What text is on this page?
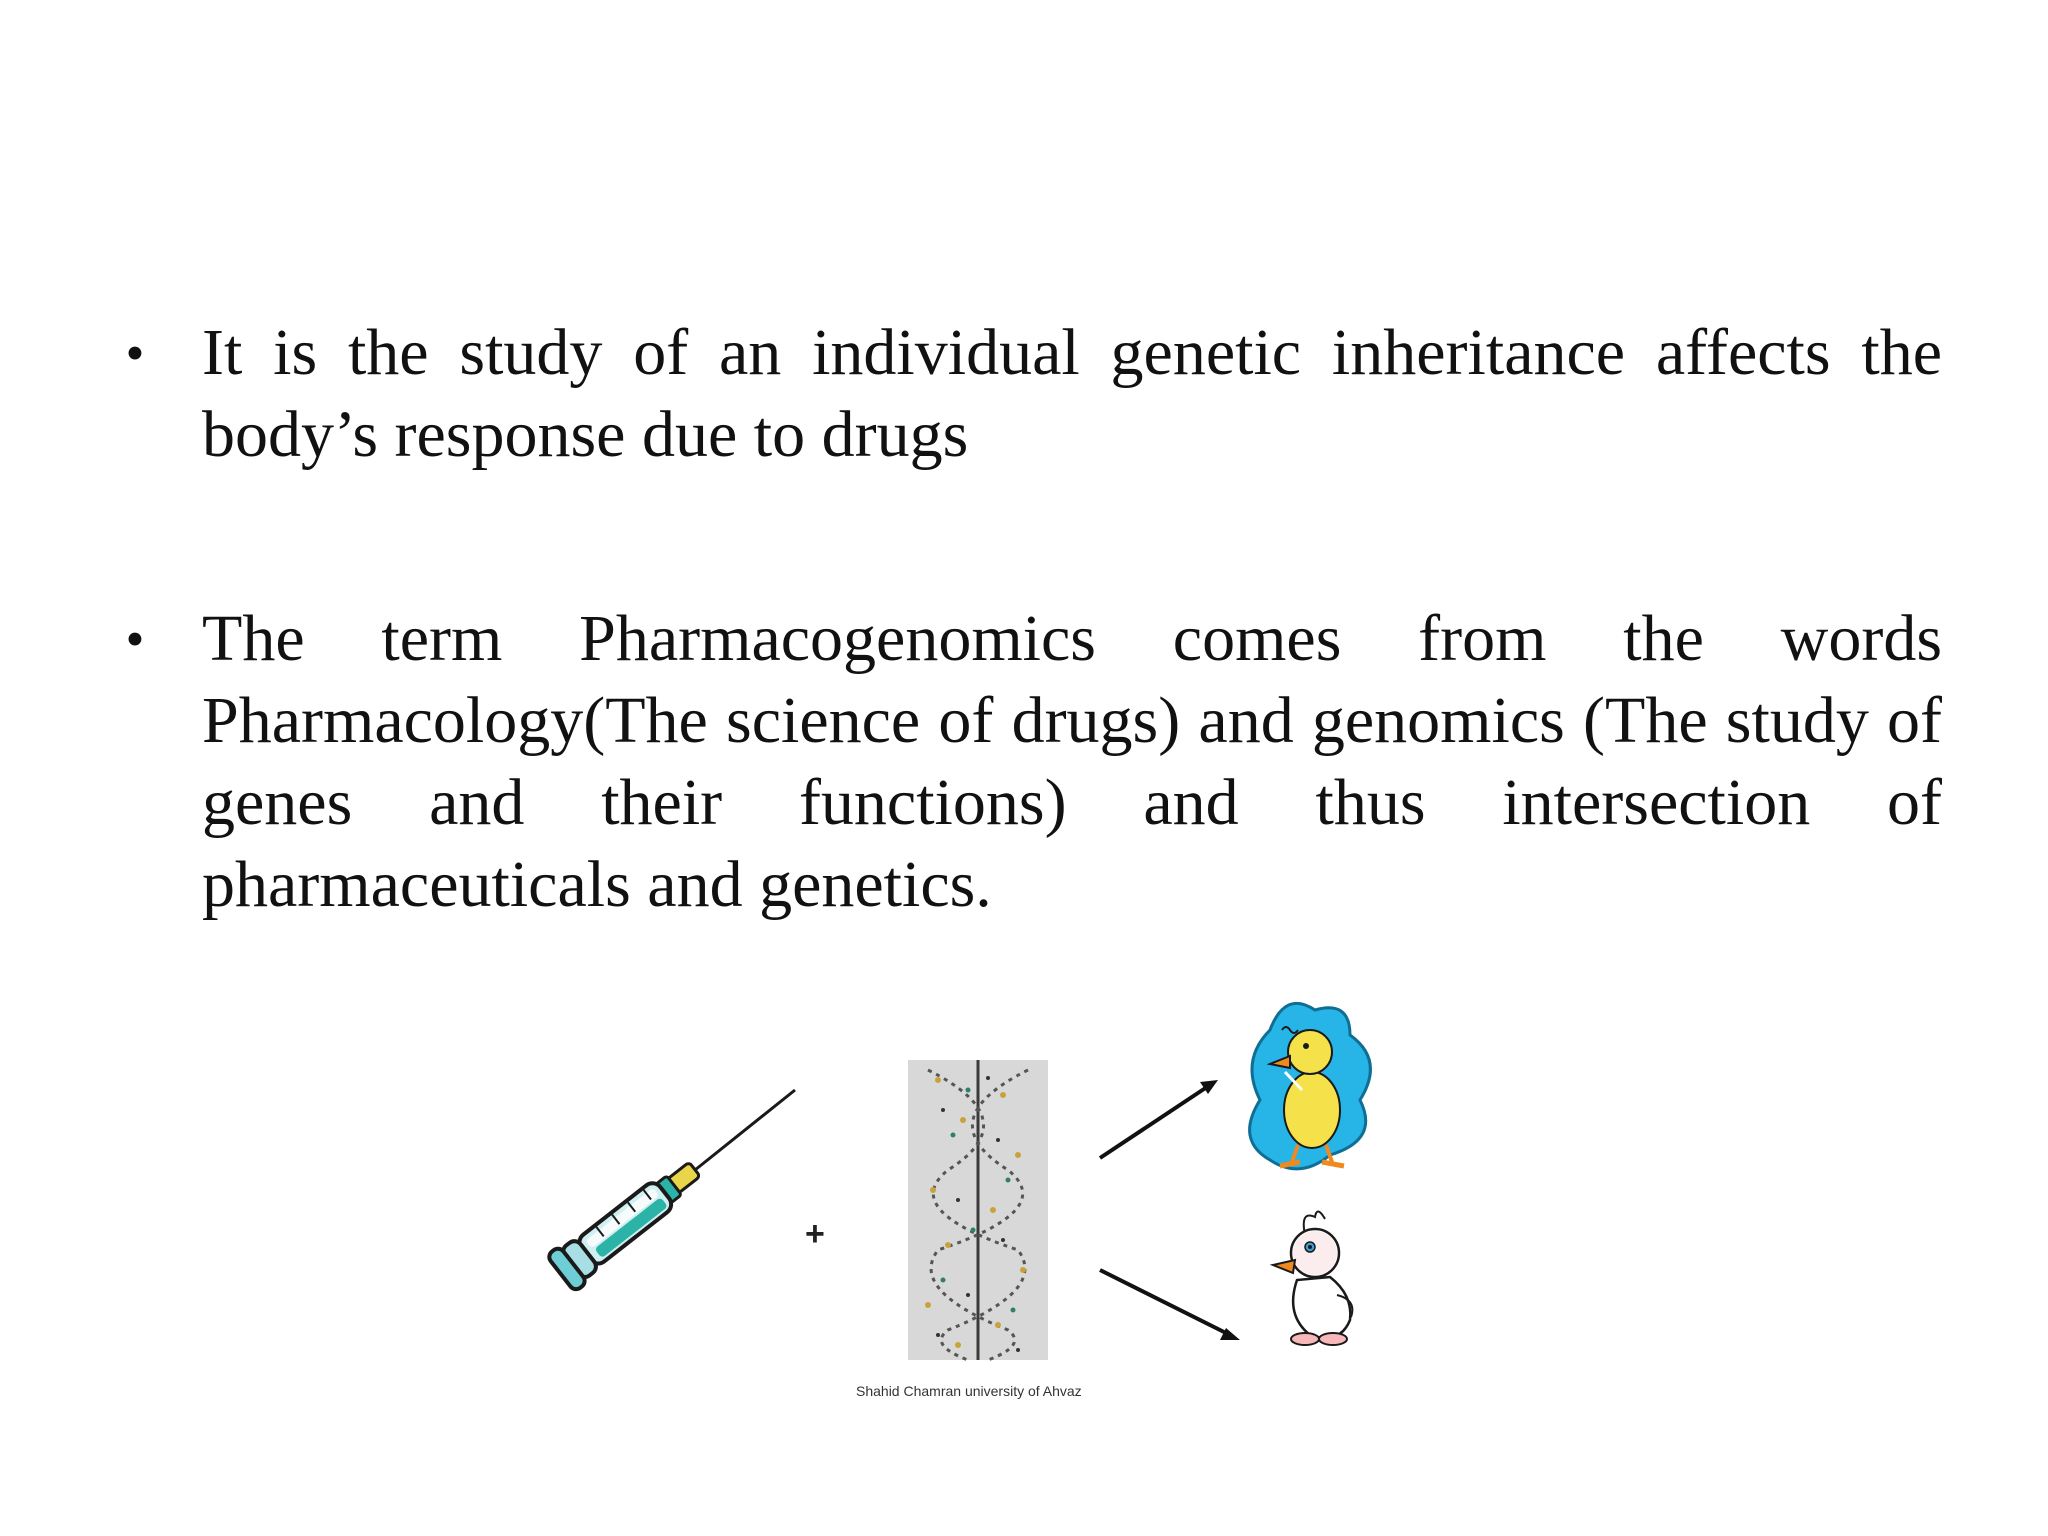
• It is the study of an individual genetic inheritance affects the body’s response due to drugs
• The term Pharmacogenomics comes from the words Pharmacology(The science of drugs) and genomics (The study of genes and their functions) and thus intersection of pharmaceuticals and genetics.
+
Shahid Chamran university of Ahvaz
